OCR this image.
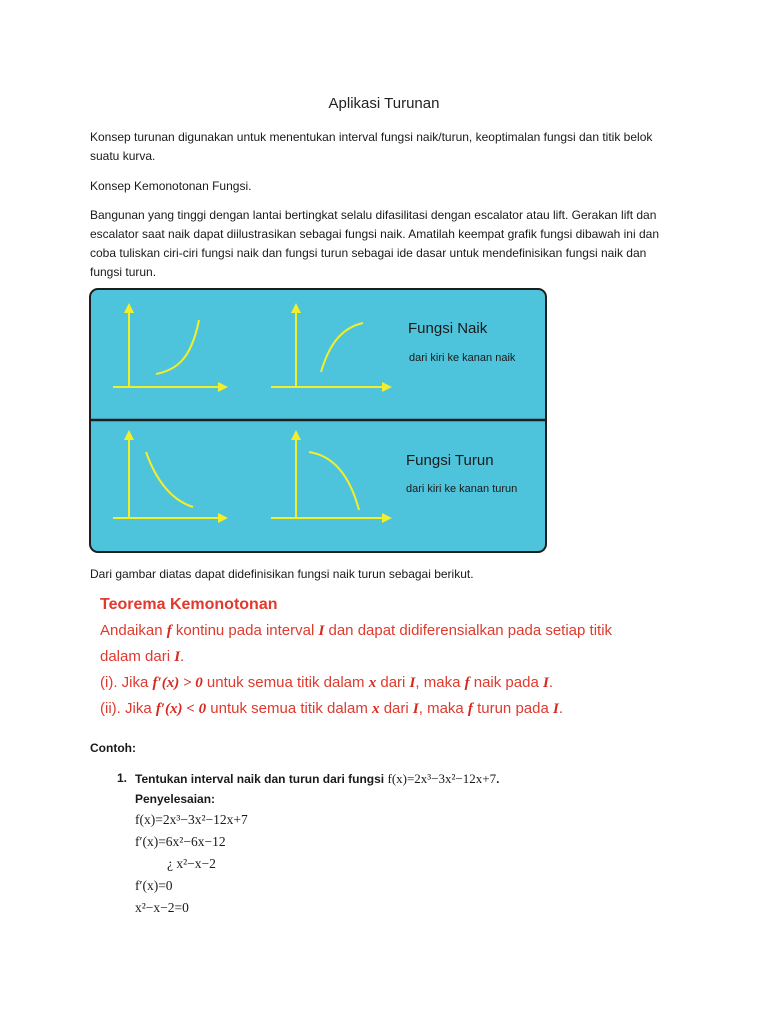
Aplikasi Turunan
Konsep turunan digunakan untuk menentukan interval fungsi naik/turun, keoptimalan fungsi dan titik belok suatu kurva.
Konsep Kemonotonan Fungsi.
Bangunan yang tinggi dengan lantai bertingkat selalu difasilitasi dengan escalator atau lift. Gerakan lift dan escalator saat naik dapat diilustrasikan sebagai fungsi naik. Amatilah keempat grafik fungsi dibawah ini dan coba tuliskan ciri-ciri fungsi naik dan fungsi turun sebagai ide dasar untuk mendefinisikan fungsi naik dan fungsi turun.
Fungsi Naik
dari kiri ke kanan naik
Fungsi Turun
dari kiri ke kanan turun
Dari gambar diatas dapat didefinisikan fungsi naik turun sebagai berikut.
Teorema Kemonotonan
Andaikan f kontinu pada interval I dan dapat didiferensialkan pada setiap titik
dalam dari I.
(i). Jika f′(x) > 0 untuk semua titik dalam x dari I, maka f naik pada I.
(ii). Jika f′(x) < 0 untuk semua titik dalam x dari I, maka f turun pada I.
Contoh:
1. Tentukan interval naik dan turun dari fungsi f(x)=2x³−3x²−12x+7.
Penyelesaian:
f(x)=2x³−3x²−12x+7
f′(x)=6x²−6x−12
¿ x²−x−2
f′(x)=0
x²−x−2=0
